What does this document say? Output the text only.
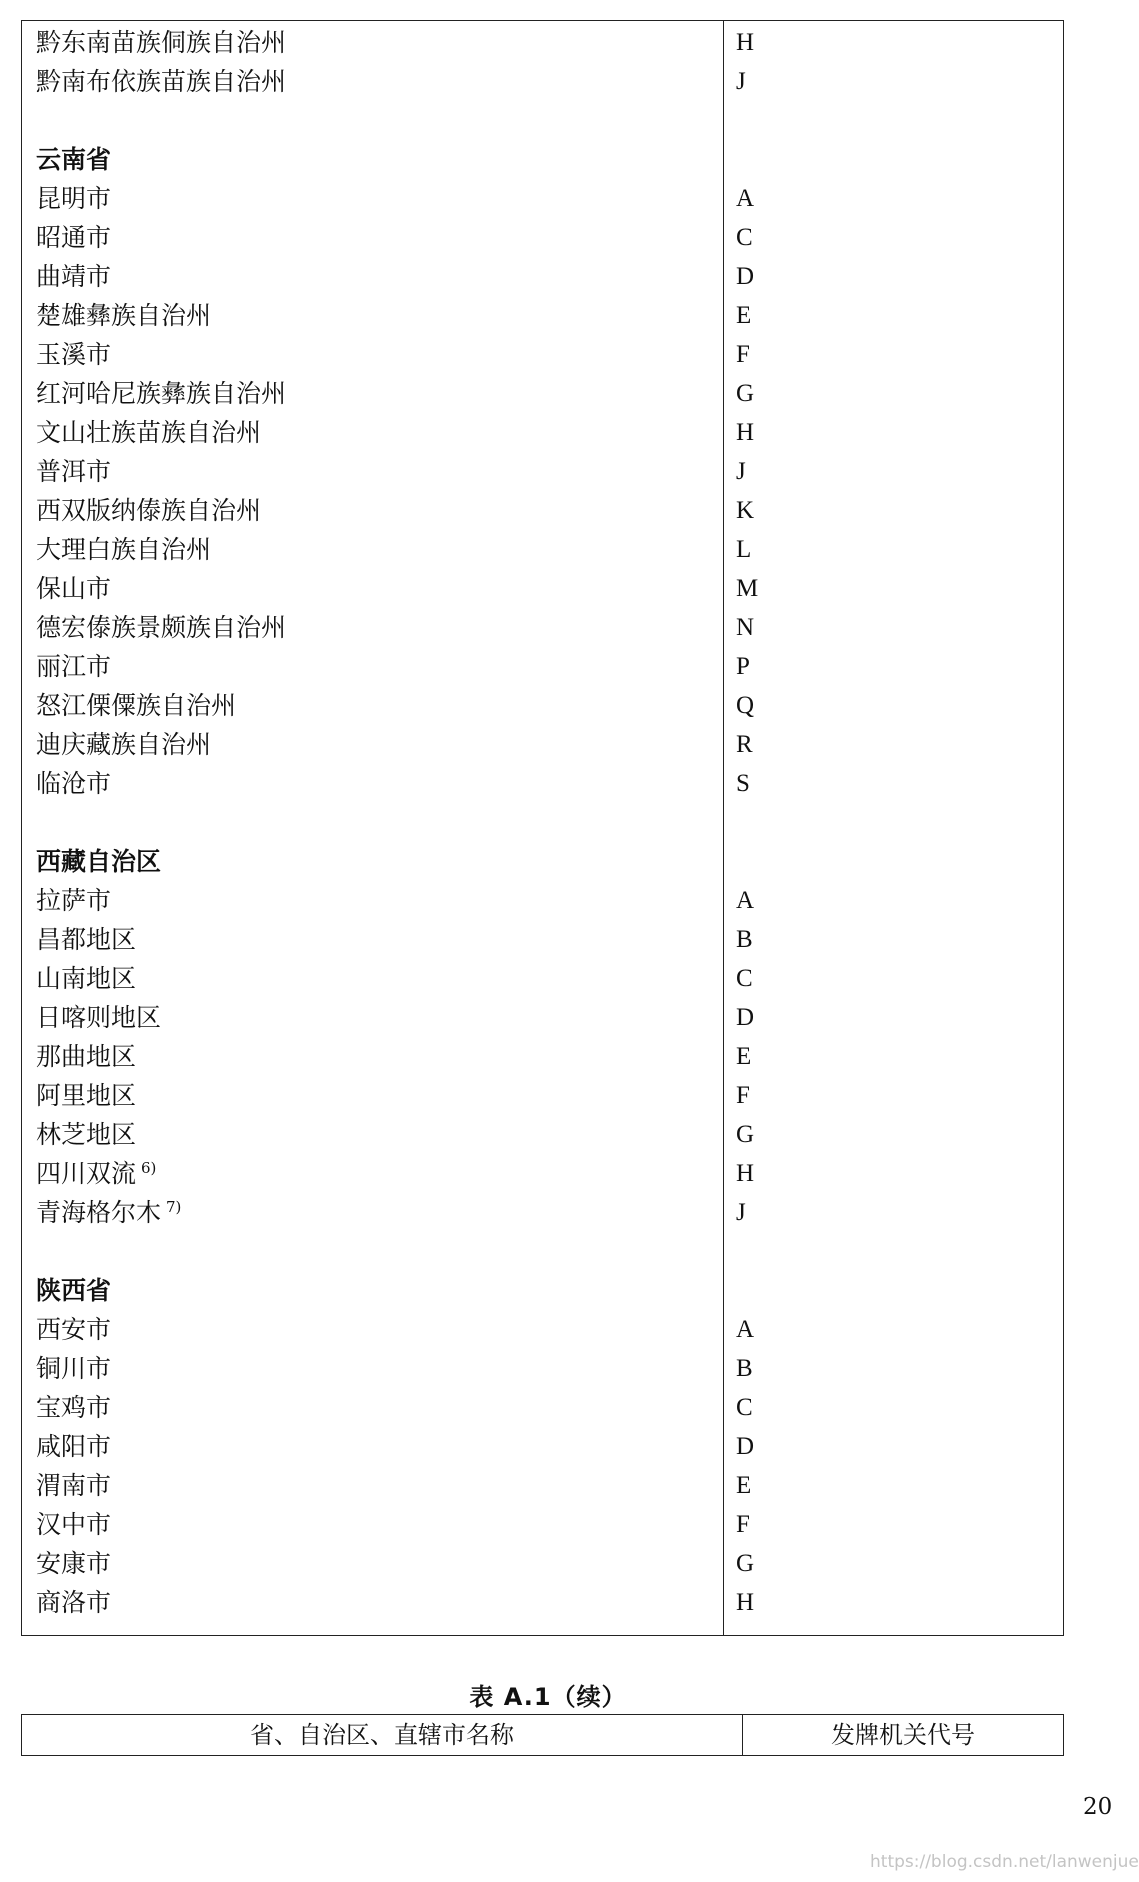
黔东南苗族侗族自治州	H
黔南布依族苗族自治州	J
云南省
昆明市	A
昭通市	C
曲靖市	D
楚雄彝族自治州	E
玉溪市	F
红河哈尼族彝族自治州	G
文山壮族苗族自治州	H
普洱市	J
西双版纳傣族自治州	K
大理白族自治州	L
保山市	M
德宏傣族景颇族自治州	N
丽江市	P
怒江傈僳族自治州	Q
迪庆藏族自治州	R
临沧市	S
西藏自治区
拉萨市	A
昌都地区	B
山南地区	C
日喀则地区	D
那曲地区	E
阿里地区	F
林芝地区	G
四川双流 $^{6)}$	H
青海格尔木 $^{7)}$	J
陕西省
西安市	A
铜川市	B
宝鸡市	C
咸阳市	D
渭南市	E
汉中市	F
安康市	G
商洛市	H
表 A.1（续）
省、自治区、直辖市名称	发牌机关代号
20
https://blog.csdn.net/lanwenjue
